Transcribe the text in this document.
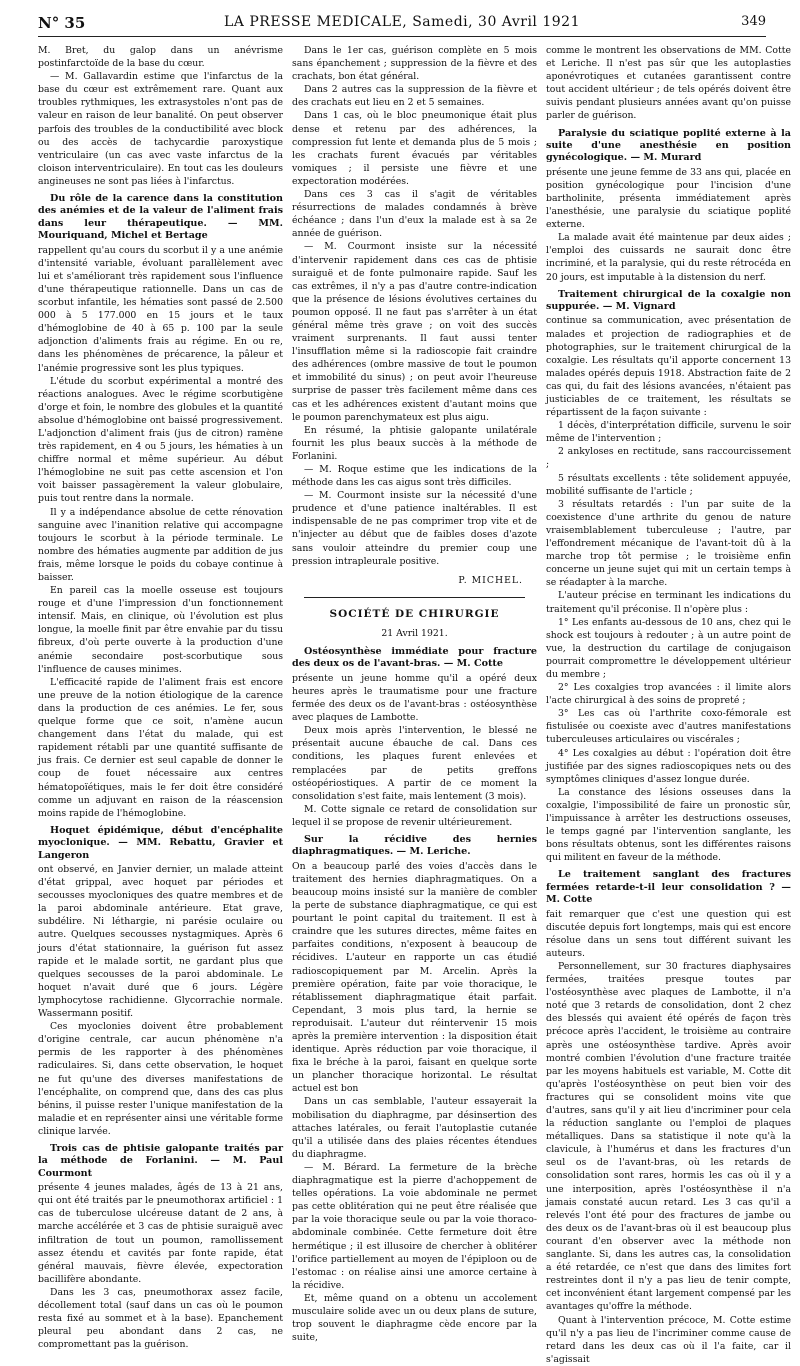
N° 35	LA PRESSE MEDICALE, Samedi, 30 Avril 1921	349

M. Bret, du galop dans un anévrisme postinfarctoïde de la base du cœur.

— M. Gallavardin estime que l'infarctus de la base du cœur est extrêmement rare. Quant aux troubles rythmiques, les extrasystoles n'ont pas de valeur en raison de leur banalité. On peut observer parfois des troubles de la conductibilité avec block ou des accès de tachycardie paroxystique ventriculaire (un cas avec vaste infarctus de la cloison interventriculaire). En tout cas les douleurs angineuses ne sont pas liées à l'infarctus.

Du rôle de la carence dans la constitution des anémies et de la valeur de l'aliment frais dans leur thérapeutique. — MM. Mouriquand, Michel et Bertage

rappellent qu'au cours du scorbut il y a une anémie d'intensité variable, évoluant parallèlement avec lui et s'améliorant très rapidement sous l'influence d'une thérapeutique rationnelle. Dans un cas de scorbut infantile, les hématies sont passé de 2.500 000 à 5 177.000 en 15 jours et le taux d'hémoglobine de 40 à 65 p. 100 par la seule adjonction d'aliments frais au régime. En ou re, dans les phénomènes de précarence, la pâleur et l'anémie progressive sont les plus typiques.

L'étude du scorbut expérimental a montré des réactions analogues. Avec le régime scorbutigène d'orge et foin, le nombre des globules et la quantité absolue d'hémoglobine ont baissé progressivement. L'adjonction d'aliment frais (jus de citron) ramène très rapidement, en 4 ou 5 jours, les hématies à un chiffre normal et même supérieur. Au début l'hémoglobine ne suit pas cette ascension et l'on voit baisser passagèrement la valeur globulaire, puis tout rentre dans la normale.

Il y a indépendance absolue de cette rénovation sanguine avec l'inanition relative qui accompagne toujours le scorbut à la période terminale. Le nombre des hématies augmente par addition de jus frais, même lorsque le poids du cobaye continue à baisser.

En pareil cas la moelle osseuse est toujours rouge et d'une l'impression d'un fonctionnement intensif. Mais, en clinique, où l'évolution est plus longue, la moelle finit par être envahie par du tissu fibreux, d'où perte ouverte à la production d'une anémie secondaire post-scorbutique sous l'influence de causes minimes.

L'efficacité rapide de l'aliment frais est encore une preuve de la notion étiologique de la carence dans la production de ces anémies. Le fer, sous quelque forme que ce soit, n'amène aucun changement dans l'état du malade, qui est rapidement rétabli par une quantité suffisante de jus frais. Ce dernier est seul capable de donner le coup de fouet nécessaire aux centres hématopoïétiques, mais le fer doit être considéré comme un adjuvant en raison de la réascension moins rapide de l'hémoglobine.

Hoquet épidémique, début d'encéphalite myoclonique. — MM. Rebattu, Gravier et Langeron

ont observé, en Janvier dernier, un malade atteint d'état grippal, avec hoquet par périodes et secousses myocloniques des quatre membres et de la paroi abdominale antérieure. Etat grave, subdélire. Ni léthargie, ni parésie oculaire ou autre. Quelques secousses nystagmiques. Après 6 jours d'état stationnaire, la guérison fut assez rapide et le malade sortit, ne gardant plus que quelques secousses de la paroi abdominale. Le hoquet n'avait duré que 6 jours. Légère lymphocytose rachidienne. Glycorrachie normale. Wassermann positif.

Ces myoclonies doivent être probablement d'origine centrale, car aucun phénomène n'a permis de les rapporter à des phénomènes radiculaires. Si, dans cette observation, le hoquet ne fut qu'une des diverses manifestations de l'encéphalite, on comprend que, dans des cas plus bénins, il puisse rester l'unique manifestation de la maladie et en représenter ainsi une véritable forme clinique larvée.

Trois cas de phtisie galopante traités par la méthode de Forlanini. — M. Paul Courmont

présente 4 jeunes malades, âgés de 13 à 21 ans, qui ont été traités par le pneumothorax artificiel : 1 cas de tuberculose ulcéreuse datant de 2 ans, à marche accélérée et 3 cas de phtisie suraiguë avec infiltration de tout un poumon, ramollissement assez étendu et cavités par fonte rapide, état général mauvais, fièvre élevée, expectoration bacillifère abondante.

Dans les 3 cas, pneumothorax assez facile, décollement total (sauf dans un cas où le poumon resta fixé au sommet et à la base). Epanchement pleural peu abondant dans 2 cas, ne compromettant pas la guérison.

Dans le 1er cas, guérison complète en 5 mois sans épanchement ; suppression de la fièvre et des crachats, bon état général.

Dans 2 autres cas la suppression de la fièvre et des crachats eut lieu en 2 et 5 semaines.

Dans 1 cas, où le bloc pneumonique était plus dense et retenu par des adhérences, la compression fut lente et demanda plus de 5 mois ; les crachats furent évacués par véritables vomiques ; il persiste une fièvre et une expectoration modérées.

Dans ces 3 cas il s'agit de véritables résurrections de malades condamnés à brève échéance ; dans l'un d'eux la malade est à sa 2e année de guérison.

— M. Courmont insiste sur la nécessité d'intervenir rapidement dans ces cas de phtisie suraiguë et de fonte pulmonaire rapide. Sauf les cas extrêmes, il n'y a pas d'autre contre-indication que la présence de lésions évolutives certaines du poumon opposé. Il ne faut pas s'arrêter à un état général même très grave ; on voit des succès vraiment surprenants. Il faut aussi tenter l'insufflation même si la radioscopie fait craindre des adhérences (ombre massive de tout le poumon et immobilité du sinus) ; on peut avoir l'heureuse surprise de passer très facilement même dans ces cas et les adhérences existent d'autant moins que le poumon parenchymateux est plus aigu.

En résumé, la phtisie galopante unilatérale fournit les plus beaux succès à la méthode de Forlanini.

— M. Roque estime que les indications de la méthode dans les cas aigus sont très difficiles.

— M. Courmont insiste sur la nécessité d'une prudence et d'une patience inaltérables. Il est indispensable de ne pas comprimer trop vite et de n'injecter au début que de faibles doses d'azote sans vouloir atteindre du premier coup une pression intrapleurale positive.

P. MICHEL.
SOCIÉTÉ DE CHIRURGIE
21 Avril 1921.
Ostéosynthèse immédiate pour fracture des deux os de l'avant-bras. — M. Cotte

présente un jeune homme qu'il a opéré deux heures après le traumatisme pour une fracture fermée des deux os de l'avant-bras : ostéosynthèse avec plaques de Lambotte.

Deux mois après l'intervention, le blessé ne présentait aucune ébauche de cal. Dans ces conditions, les plaques furent enlevées et remplacées par de petits greffons ostéopériostiques. A partir de ce moment la consolidation s'est faite, mais lentement (3 mois).

M. Cotte signale ce retard de consolidation sur lequel il se propose de revenir ultérieurement.

Sur la récidive des hernies diaphragmatiques. — M. Leriche.

On a beaucoup parlé des voies d'accès dans le traitement des hernies diaphragmatiques. On a beaucoup moins insisté sur la manière de combler la perte de substance diaphragmatique, ce qui est pourtant le point capital du traitement. Il est à craindre que les sutures directes, même faites en parfaites conditions, n'exposent à beaucoup de récidives. L'auteur en rapporte un cas étudié radioscopiquement par M. Arcelin. Après la première opération, faite par voie thoracique, le rétablissement diaphragmatique était parfait. Cependant, 3 mois plus tard, la hernie se reproduisait. L'auteur dut réintervenir 15 mois après la première intervention : la disposition était identique. Après réduction par voie thoracique, il fixa le bréche à la paroi, faisant en quelque sorte un plancher thoracique horizontal. Le résultat actuel est bon

Dans un cas semblable, l'auteur essayerait la mobilisation du diaphragme, par désinsertion des attaches latérales, ou ferait l'autoplastie cutanée qu'il a utilisée dans des plaies récentes étendues du diaphragme.

— M. Bérard. La fermeture de la brèche diaphragmatique est la pierre d'achoppement de telles opérations. La voie abdominale ne permet pas cette oblitération qui ne peut être réalisée que par la voie thoracique seule ou par la voie thoraco-abdominale combinée. Cette fermeture doit être hermétique ; il est illusoire de chercher à oblitérer l'orifice partiellement au moyen de l'épiploon ou de l'estomac : on réalise ainsi une amorce certaine à la récidive.

Et, même quand on a obtenu un accolement musculaire solide avec un ou deux plans de suture, trop souvent le diaphragme cède encore par la suite,

comme le montrent les observations de MM. Cotte et Leriche. Il n'est pas sûr que les autoplasties aponévrotiques et cutanées garantissent contre tout accident ultérieur ; de tels opérés doivent être suivis pendant plusieurs années avant qu'on puisse parler de guérison.

Paralysie du sciatique poplité externe à la suite d'une anesthésie en position gynécologique. — M. Murard

présente une jeune femme de 33 ans qui, placée en position gynécologique pour l'incision d'une bartholinite, présenta immédiatement après l'anesthésie, une paralysie du sciatique poplité externe.

La malade avait été maintenue par deux aides ; l'emploi des cuissards ne saurait donc être incriminé, et la paralysie, qui du reste rétrocéda en 20 jours, est imputable à la distension du nerf.

Traitement chirurgical de la coxalgie non suppurée. — M. Vignard

continue sa communication, avec présentation de malades et projection de radiographies et de photographies, sur le traitement chirurgical de la coxalgie. Les résultats qu'il apporte concernent 13 malades opérés depuis 1918. Abstraction faite de 2 cas qui, du fait des lésions avancées, n'étaient pas justiciables de ce traitement, les résultats se répartissent de la façon suivante :

1 décès, d'interprétation difficile, survenu le soir même de l'intervention ;

2 ankyloses en rectitude, sans raccourcissement ;

5 résultats excellents : tête solidement appuyée, mobilité suffisante de l'article ;

3 résultats retardés : l'un par suite de la coexistence d'une arthrite du genou de nature vraisemblablement tuberculeuse ; l'autre, par l'effondrement mécanique de l'avant-toit dû à la marche trop tôt permise ; le troisième enfin concerne un jeune sujet qui mit un certain temps à se réadapter à la marche.

L'auteur précise en terminant les indications du traitement qu'il préconise. Il n'opère plus :

1° Les enfants au-dessous de 10 ans, chez qui le shock est toujours à redouter ; à un autre point de vue, la destruction du cartilage de conjugaison pourrait compromettre le développement ultérieur du membre ;

2° Les coxalgies trop avancées : il limite alors l'acte chirurgical à des soins de propreté ;

3° Les cas où l'arthrite coxo-fémorale est fistulisée ou coexiste avec d'autres manifestations tuberculeuses articulaires ou viscérales ;

4° Les coxalgies au début : l'opération doit être justifiée par des signes radioscopiques nets ou des symptômes cliniques d'assez longue durée.

La constance des lésions osseuses dans la coxalgie, l'impossibilité de faire un pronostic sûr, l'impuissance à arrêter les destructions osseuses, le temps gagné par l'intervention sanglante, les bons résultats obtenus, sont les différentes raisons qui militent en faveur de la méthode.

Le traitement sanglant des fractures fermées retarde-t-il leur consolidation ? — M. Cotte

fait remarquer que c'est une question qui est discutée depuis fort longtemps, mais qui est encore résolue dans un sens tout différent suivant les auteurs.

Personnellement, sur 30 fractures diaphysaires fermées, traitées presque toutes par l'ostéosynthèse avec plaques de Lambotte, il n'a noté que 3 retards de consolidation, dont 2 chez des blessés qui avaient été opérés de façon très précoce après l'accident, le troisième au contraire après une ostéosynthèse tardive. Après avoir montré combien l'évolution d'une fracture traitée par les moyens habituels est variable, M. Cotte dit qu'après l'ostéosynthèse on peut bien voir des fractures qui se consolident moins vite que d'autres, sans qu'il y ait lieu d'incriminer pour cela la réduction sanglante ou l'emploi de plaques métalliques. Dans sa statistique il note qu'à la clavicule, à l'humérus et dans les fractures d'un seul os de l'avant-bras, où les retards de consolidation sont rares, hormis les cas où il y a une interposition, après l'ostéosynthèse il n'a jamais constaté aucun retard. Les 3 cas qu'il a relevés l'ont été pour des fractures de jambe ou des deux os de l'avant-bras où il est beaucoup plus courant d'en observer avec la méthode non sanglante. Si, dans les autres cas, la consolidation a été retardée, ce n'est que dans des limites fort restreintes dont il n'y a pas lieu de tenir compte, cet inconvénient étant largement compensé par les avantages qu'offre la méthode.

Quant à l'intervention précoce, M. Cotte estime qu'il n'y a pas lieu de l'incriminer comme cause de retard dans les deux cas où il l'a faite, car il s'agissait
